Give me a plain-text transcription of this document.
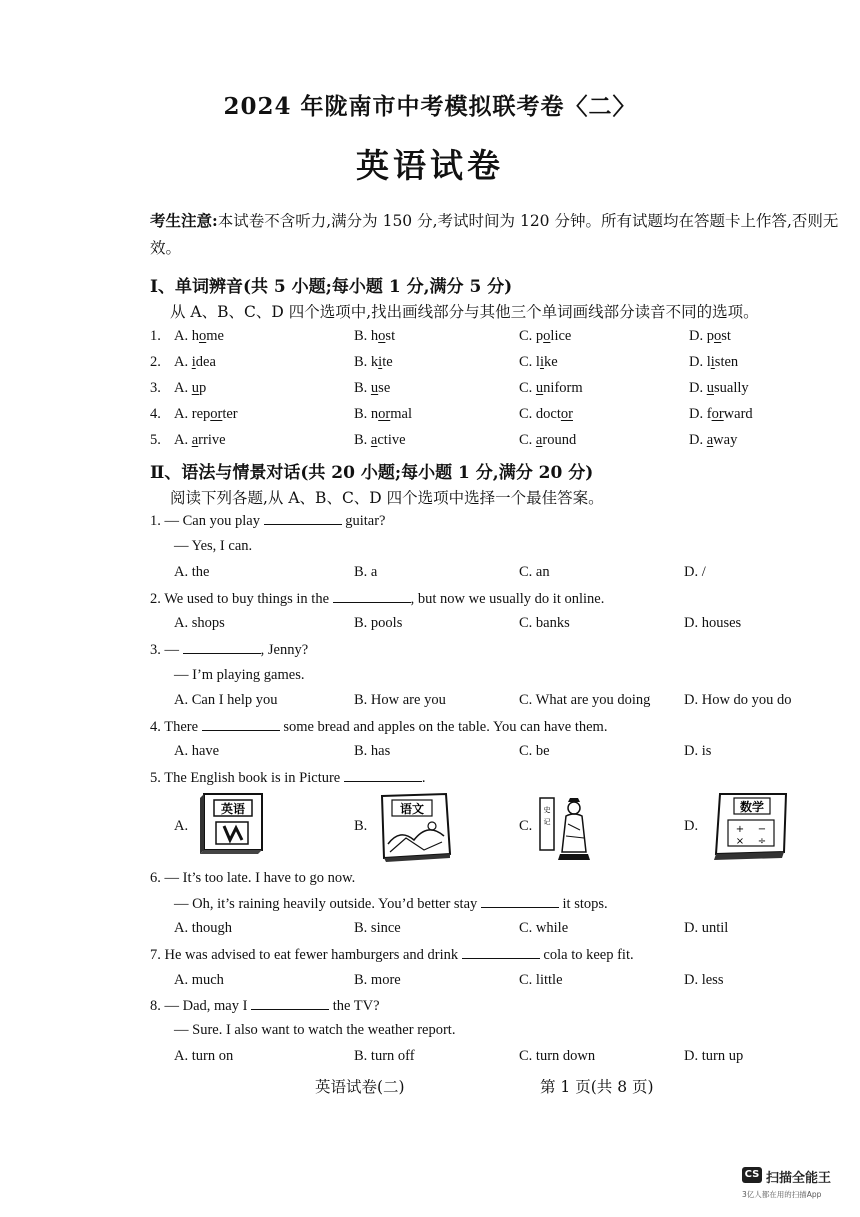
2024 年陇南市中考模拟联考卷〈二〉
英语试卷
考生注意:本试卷不含听力,满分为 150 分,考试时间为 120 分钟。所有试题均在答题卡上作答,否则无效。
Ⅰ、单词辨音(共 5 小题;每小题 1 分,满分 5 分)
从 A、B、C、D 四个选项中,找出画线部分与其他三个单词画线部分读音不同的选项。
1. A. home	B. host	C. police	D. post
2. A. idea	B. kite	C. like	D. listen
3. A. up	B. use	C. uniform	D. usually
4. A. reporter	B. normal	C. doctor	D. forward
5. A. arrive	B. active	C. around	D. away
Ⅱ、语法与情景对话(共 20 小题;每小题 1 分,满分 20 分)
阅读下列各题,从 A、B、C、D 四个选项中选择一个最佳答案。
1. — Can you play	guitar?
— Yes, I can.
A. the	B. a	C. an	D. /
2. We used to buy things in the	, but now we usually do it online.
A. shops	B. pools	C. banks	D. houses
3. —	, Jenny?
— I’m playing games.
A. Can I help you	B. How are you	C. What are you doing D. How do you do
4. There	some bread and apples on the table. You can have them.
A. have	B. has	C. be	D. is
5. The English book is in Picture	.
A.	B.	C.	D.
英语	语文	史
记
数学
+ −
× ÷
6. — It’s too late. I have to go now.
— Oh, it’s raining heavily outside. You’d better stay	it stops.
A. though	B. since	C. while	D. until
7. He was advised to eat fewer hamburgers and drink	cola to keep fit.
A. much	B. more	C. little	D. less
8. — Dad, may I	the TV?
— Sure. I also want to watch the weather report.
A. turn on	B. turn off	C. turn down	D. turn up
英语试卷(二)	第 1 页(共 8 页)
CS 扫描全能王
3亿人都在用的扫描App
